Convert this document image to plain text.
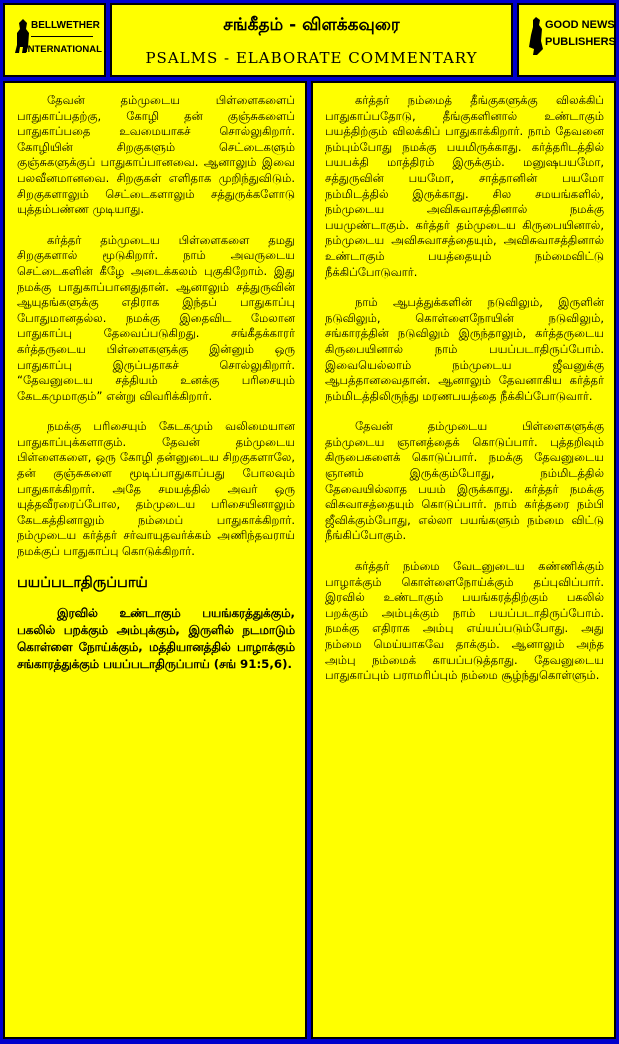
BELLWETHER
INTERNATIONAL
சங்கீதம் - விளக்கவுரை
PSALMS - ELABORATE COMMENTARY
GOOD NEWS
PUBLISHERS

தேவன் தம்முடைய பிள்ளைகளைப் பாதுகாப்பதற்கு, கோழி தன் குஞ்சுகளைப் பாதுகாப்பதை உவமையாகச் சொல்லுகிறார். கோழியின் சிறகுகளும் செட்டைகளும் குஞ்சுகளுக்குப் பாதுகாப்பானவை. ஆனாலும் இவை பலவீனமானவை. சிறகுகள் எளிதாக முறிந்துவிடும். சிறகுகளாலும் செட்டைகளாலும் சத்துருக்களோடு யுத்தம்பண்ண முடியாது.

கர்த்தர் தம்முடைய பிள்ளைகளை தமது சிறகுகளால் மூடுகிறார். நாம் அவருடைய செட்டைகளின் கீழே அடைக்கலம் புகுகிறோம். இது நமக்கு பாதுகாப்பானதுதான். ஆனாலும் சத்துருவின் ஆயுதங்களுக்கு எதிராக இந்தப் பாதுகாப்பு போதுமானதல்ல. நமக்கு இதைவிட மேலான பாதுகாப்பு தேவைப்படுகிறது. சங்கீதக்காரர் கர்த்தருடைய பிள்ளைகளுக்கு இன்னும் ஒரு பாதுகாப்பு இருப்பதாகச் சொல்லுகிறார். “தேவனுடைய சத்தியம் உனக்கு பரிசையும் கேடகமுமாகும்” என்று விவரிக்கிறார்.

நமக்கு பரிசையும் கேடகமும் வலிமையான பாதுகாப்புக்களாகும். தேவன் தம்முடைய பிள்ளைகளை, ஒரு கோழி தன்னுடைய சிறகுகளாலே, தன் குஞ்சுகளை மூடிப்பாதுகாப்பது போலவும் பாதுகாக்கிறார். அதே சமயத்தில் அவர் ஒரு யுத்தவீரரைப்போல, தம்முடைய பரிசையினாலும் கேடகத்தினாலும் நம்மைப் பாதுகாக்கிறார். நம்முடைய கர்த்தர் சர்வாயுதவர்க்கம் அணிந்தவராய் நமக்குப் பாதுகாப்பு கொடுக்கிறார்.

பயப்படாதிருப்பாய்

இரவில் உண்டாகும் பயங்கரத்துக்கும், பகலில் பறக்கும் அம்புக்கும், இருளில் நடமாடும் கொள்ளை நோய்க்கும், மத்தியானத்தில் பாழாக்கும் சங்காரத்துக்கும் பயப்படாதிருப்பாய் (சங் 91:5,6).

கர்த்தர் நம்மைத் தீங்குகளுக்கு விலக்கிப் பாதுகாப்பதோடு, தீங்குகளினால் உண்டாகும் பயத்திற்கும் விலக்கிப் பாதுகாக்கிறார். நாம் தேவனை நம்பும்போது நமக்கு பயமிருக்காது. கர்த்தரிடத்தில் பயபக்தி மாத்திரம் இருக்கும். மனுஷபயமோ, சத்துருவின் பயமோ, சாத்தானின் பயமோ நம்மிடத்தில் இருக்காது. சில சமயங்களில், நம்முடைய அவிசுவாசத்தினால் நமக்கு பயமுண்டாகும். கர்த்தர் தம்முடைய கிருபையினால், நம்முடைய அவிசுவாசத்தையும், அவிசுவாசத்தினால் உண்டாகும் பயத்தையும் நம்மைவிட்டு நீக்கிப்போடுவார்.

நாம் ஆபத்துக்களின் நடுவிலும், இருளின் நடுவிலும், கொள்ளைநோயின் நடுவிலும், சங்காரத்தின் நடுவிலும் இருந்தாலும், கர்த்தருடைய கிருபையினால் நாம் பயப்படாதிருப்போம். இவையெல்லாம் நம்முடைய ஜீவனுக்கு ஆபத்தானவைதான். ஆனாலும் தேவனாகிய கர்த்தர் நம்மிடத்திலிருந்து மரணபயத்தை நீக்கிப்போடுவார்.

தேவன் தம்முடைய பிள்ளைகளுக்கு தம்முடைய ஞானத்தைக் கொடுப்பார். புத்தறிவும் கிருபைகளைக் கொடுப்பார். நமக்கு தேவனுடைய ஞானம் இருக்கும்போது, நம்மிடத்தில் தேவையில்லாத பயம் இருக்காது. கர்த்தர் நமக்கு விசுவாசத்தையும் கொடுப்பார். நாம் கர்த்தரை நம்பி ஜீவிக்கும்போது, எல்லா பயங்களும் நம்மை விட்டு நீங்கிப்போகும்.

கர்த்தர் நம்மை வேடனுடைய கண்ணிக்கும் பாழாக்கும் கொள்ளைநோய்க்கும் தப்புவிப்பார். இரவில் உண்டாகும் பயங்கரத்திற்கும் பகலில் பறக்கும் அம்புக்கும் நாம் பயப்படாதிருப்போம். நமக்கு எதிராக அம்பு எய்யப்படும்போது. அது நம்மை மெய்யாகவே தாக்கும். ஆனாலும் அந்த அம்பு நம்மைக் காயப்படுத்தாது. தேவனுடைய பாதுகாப்பும் பராமரிப்பும் நம்மை சூழ்ந்துகொள்ளும்.
